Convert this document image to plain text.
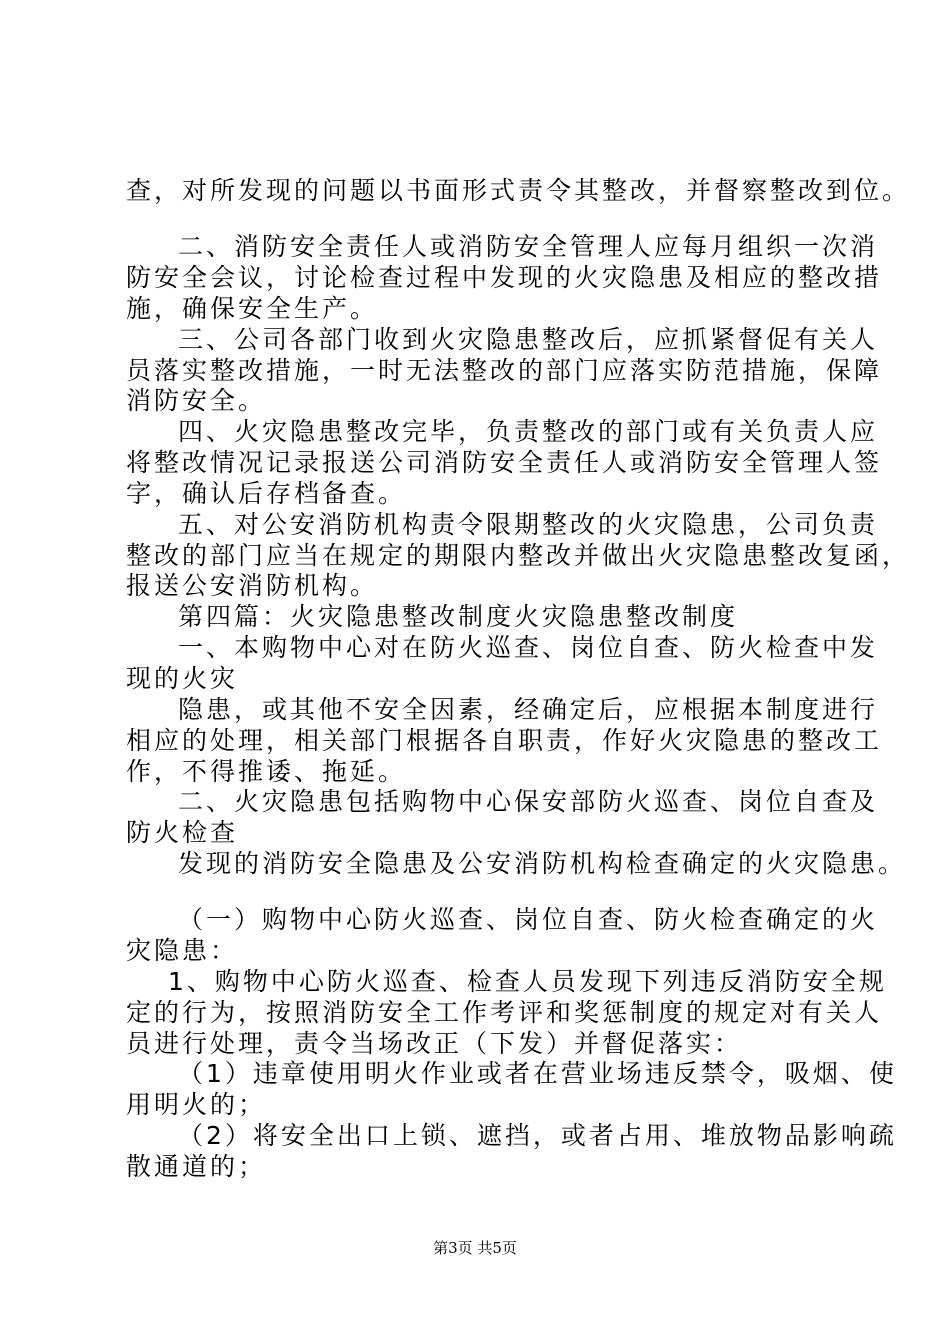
查，对所发现的问题以书面形式责令其整改，并督察整改到位。
二、消防安全责任人或消防安全管理人应每月组织一次消
防安全会议，讨论检查过程中发现的火灾隐患及相应的整改措
施，确保安全生产。
三、公司各部门收到火灾隐患整改后，应抓紧督促有关人
员落实整改措施，一时无法整改的部门应落实防范措施，保障
消防安全。
四、火灾隐患整改完毕，负责整改的部门或有关负责人应
将整改情况记录报送公司消防安全责任人或消防安全管理人签
字，确认后存档备查。
五、对公安消防机构责令限期整改的火灾隐患，公司负责
整改的部门应当在规定的期限内整改并做出火灾隐患整改复函，
报送公安消防机构。
第四篇：火灾隐患整改制度火灾隐患整改制度
一、本购物中心对在防火巡查、岗位自查、防火检查中发
现的火灾
隐患，或其他不安全因素，经确定后，应根据本制度进行
相应的处理，相关部门根据各自职责，作好火灾隐患的整改工
作，不得推诿、拖延。
二、火灾隐患包括购物中心保安部防火巡查、岗位自查及
防火检查
发现的消防安全隐患及公安消防机构检查确定的火灾隐患。
（一）购物中心防火巡查、岗位自查、防火检查确定的火
灾隐患：
1、购物中心防火巡查、检查人员发现下列违反消防安全规
定的行为，按照消防安全工作考评和奖惩制度的规定对有关人
员进行处理，责令当场改正（下发）并督促落实：
（1）违章使用明火作业或者在营业场违反禁令，吸烟、使
用明火的；
（2）将安全出口上锁、遮挡，或者占用、堆放物品影响疏
散通道的；
第3页 共5页
